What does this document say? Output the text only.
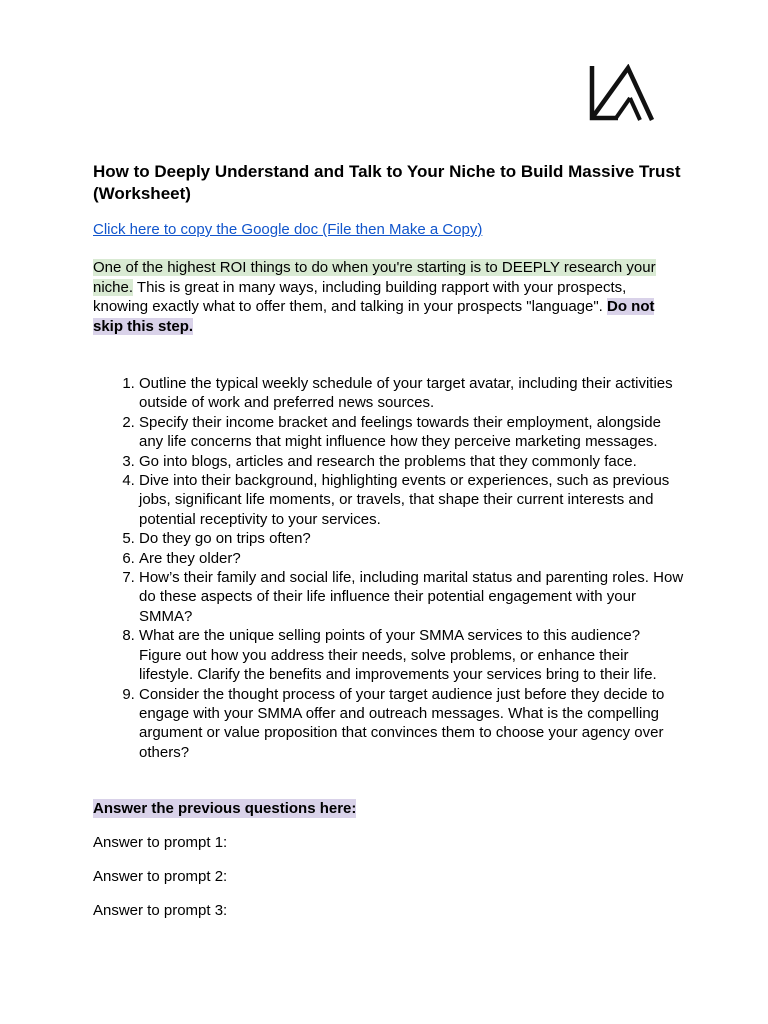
How to Deeply Understand and Talk to Your Niche to Build Massive Trust (Worksheet)
Click here to copy the Google doc (File then Make a Copy)

One of the highest ROI things to do when you're starting is to DEEPLY research your niche. This is great in many ways, including building rapport with your prospects, knowing exactly what to offer them, and talking in your prospects "language". Do not skip this step.

1. Outline the typical weekly schedule of your target avatar, including their activities outside of work and preferred news sources.
2. Specify their income bracket and feelings towards their employment, alongside any life concerns that might influence how they perceive marketing messages.
3. Go into blogs, articles and research the problems that they commonly face.
4. Dive into their background, highlighting events or experiences, such as previous jobs, significant life moments, or travels, that shape their current interests and potential receptivity to your services.
5. Do they go on trips often?
6. Are they older?
7. How’s their family and social life, including marital status and parenting roles. How do these aspects of their life influence their potential engagement with your SMMA?
8. What are the unique selling points of your SMMA services to this audience? Figure out how you address their needs, solve problems, or enhance their lifestyle. Clarify the benefits and improvements your services bring to their life.
9. Consider the thought process of your target audience just before they decide to engage with your SMMA offer and outreach messages. What is the compelling argument or value proposition that convinces them to choose your agency over others?
Answer the previous questions here:
Answer to prompt 1:
Answer to prompt 2:
Answer to prompt 3:
